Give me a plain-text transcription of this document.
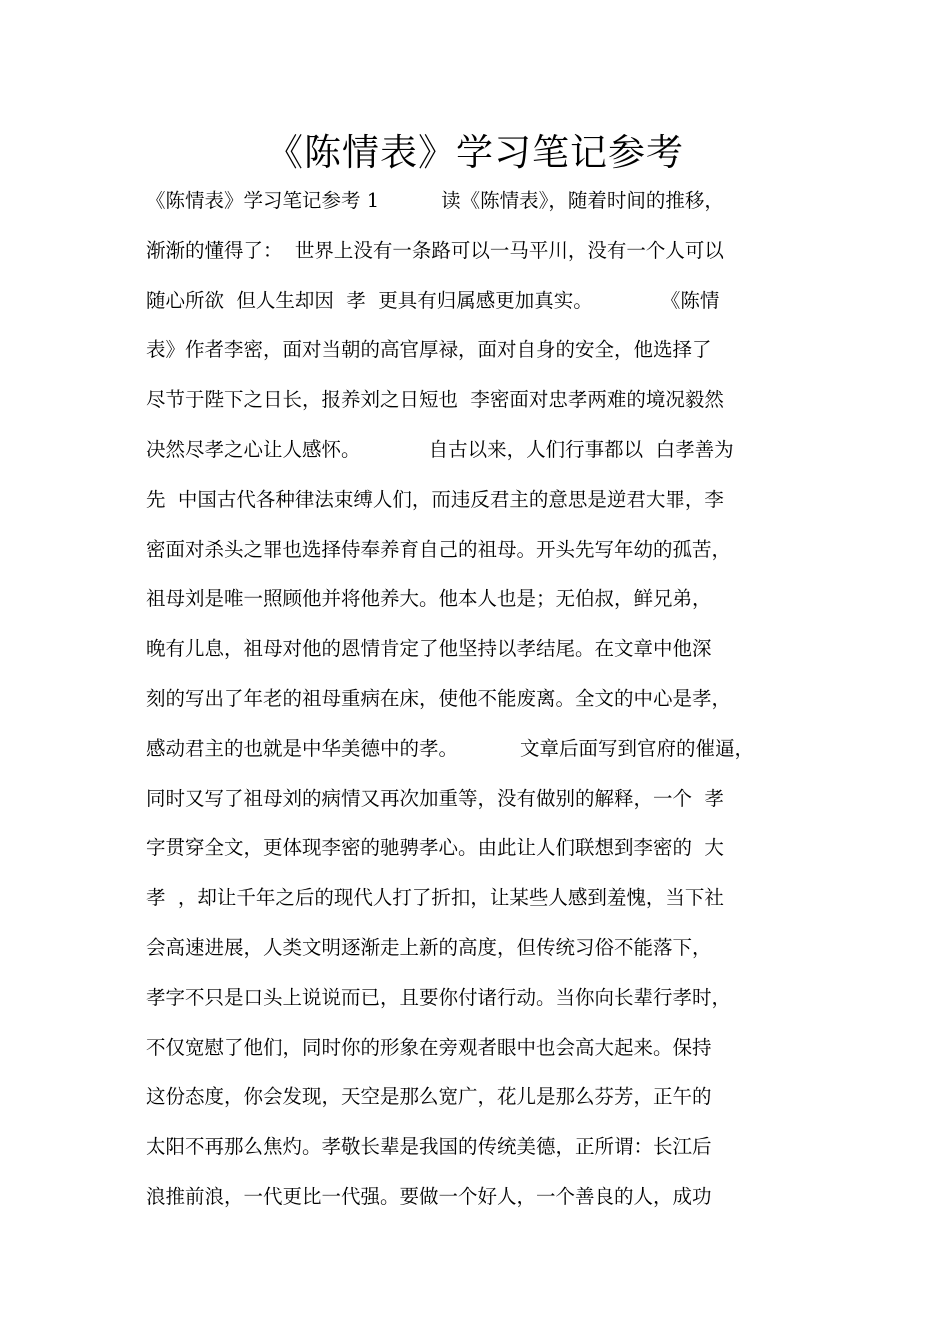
《陈情表》学习笔记参考
《陈情表》学习笔记参考 1          读《陈情表》，随着时间的推移，
渐渐的懂得了：  世界上没有一条路可以一马平川，没有一个人可以
随心所欲  但人生却因  孝  更具有归属感更加真实。           《陈情
表》作者李密，面对当朝的高官厚禄，面对自身的安全，他选择了
尽节于陛下之日长，报养刘之日短也  李密面对忠孝两难的境况毅然
决然尽孝之心让人感怀。           自古以来，人们行事都以  白孝善为
先  中国古代各种律法束缚人们，而违反君主的意思是逆君大罪，李
密面对杀头之罪也选择侍奉养育自己的祖母。开头先写年幼的孤苦，
祖母刘是唯一照顾他并将他养大。他本人也是；无伯叔，鲜兄弟，
晚有儿息，祖母对他的恩情肯定了他坚持以孝结尾。在文章中他深
刻的写出了年老的祖母重病在床，使他不能废离。全文的中心是孝，
感动君主的也就是中华美德中的孝。          文章后面写到官府的催逼，
同时又写了祖母刘的病情又再次加重等，没有做别的解释，一个  孝
字贯穿全文，更体现李密的驰骋孝心。由此让人们联想到李密的  大
孝  ，却让千年之后的现代人打了折扣，让某些人感到羞愧，当下社
会高速进展，人类文明逐渐走上新的高度，但传统习俗不能落下，
孝字不只是口头上说说而已，且要你付诸行动。当你向长辈行孝时，
不仅宽慰了他们，同时你的形象在旁观者眼中也会高大起来。保持
这份态度，你会发现，天空是那么宽广，花儿是那么芬芳，正午的
太阳不再那么焦灼。孝敬长辈是我国的传统美德，正所谓：长江后
浪推前浪，一代更比一代强。要做一个好人，一个善良的人，成功
